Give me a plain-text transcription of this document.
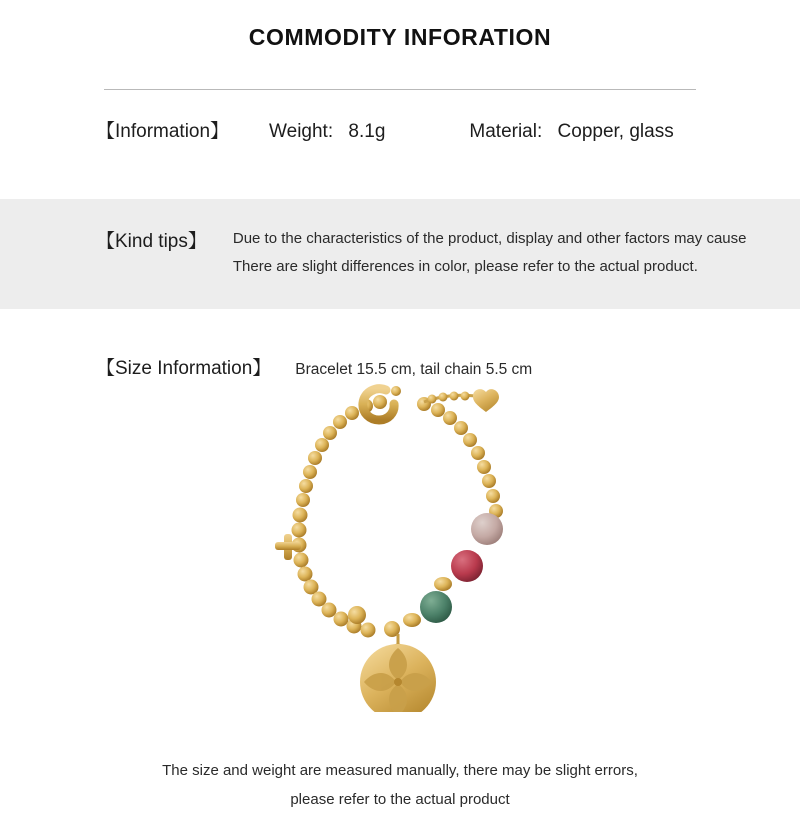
COMMODITY INFORATION
【Information】 Weight: 8.1g	Material: Copper, glass
【Kind tips】 Due to the characteristics of the product, display and other factors may cause
There are slight differences in color, please refer to the actual product.
【Size Information】 Bracelet 15.5 cm, tail chain 5.5 cm
The size and weight are measured manually, there may be slight errors,
please refer to the actual product
